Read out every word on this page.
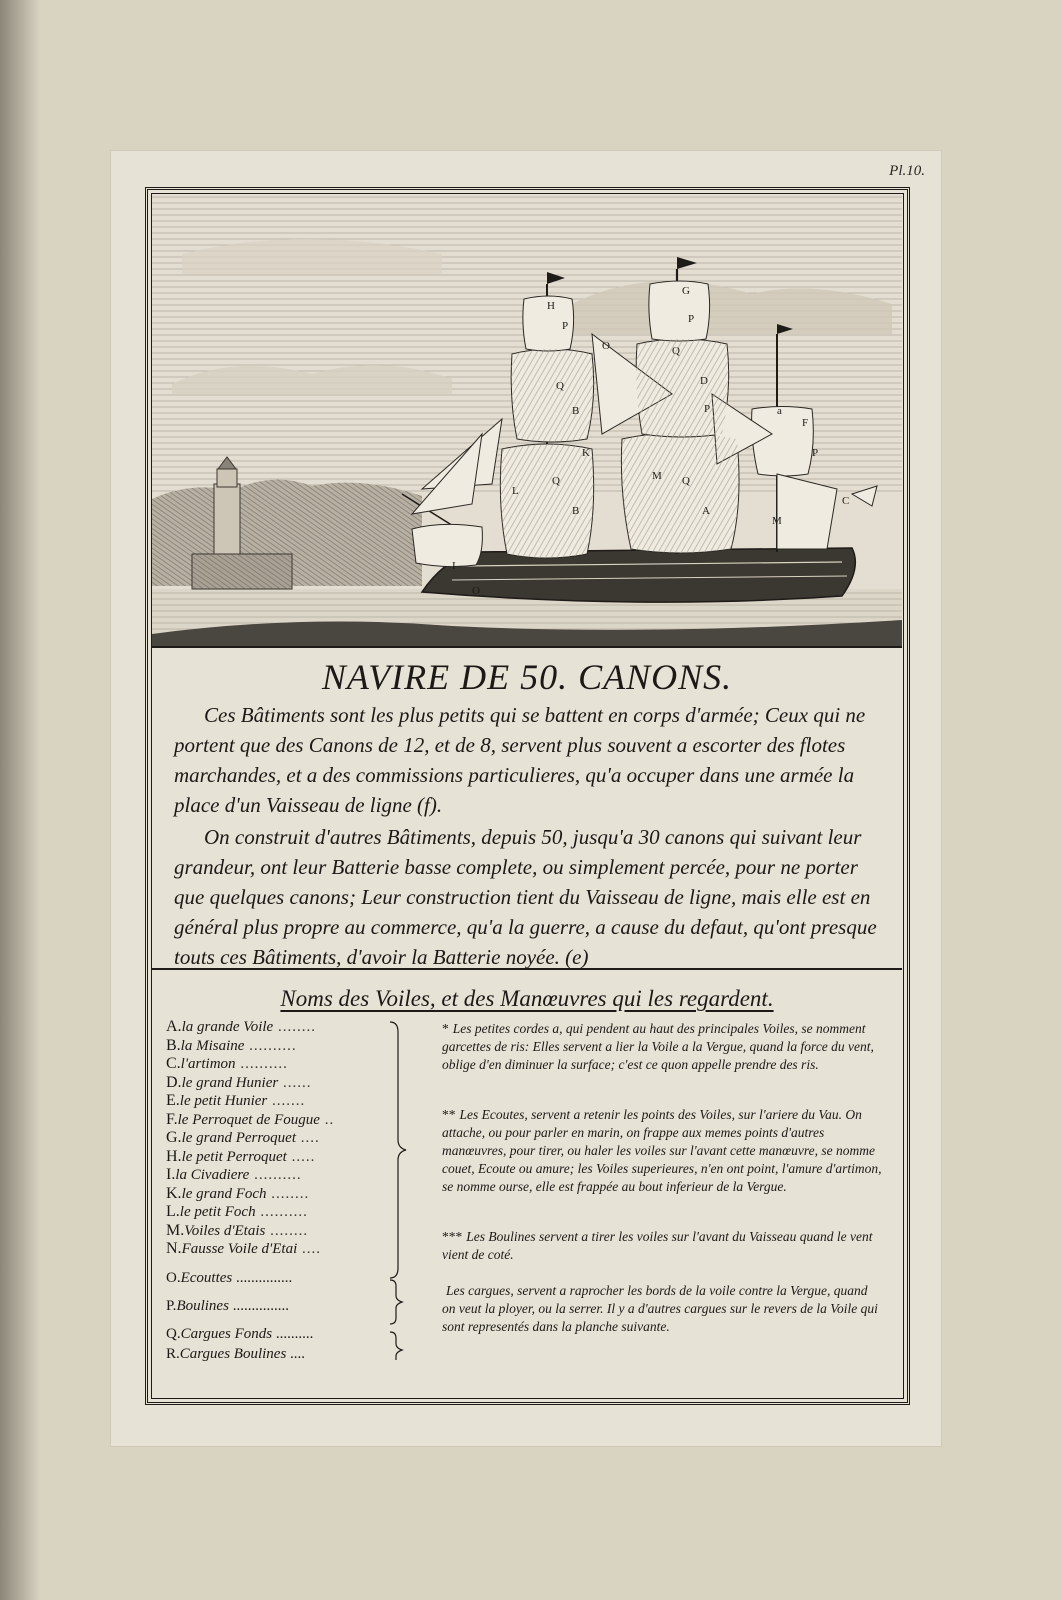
Pl.10.
H
P
O
Q
B
K
G
P
Q
D
P	a
F
P
C
L
Q
B
M Q
A
I
O
M
NAVIRE DE 50. CANONS.

Ces Bâtiments sont les plus petits qui se battent en corps d'armée; Ceux qui ne portent que des Canons de 12, et de 8, servent plus souvent a escorter des flotes marchandes, et a des commissions particulieres, qu'a occuper dans une armée la place d'un Vaisseau de ligne (f).

On construit d'autres Bâtiments, depuis 50, jusqu'a 30 canons qui suivant leur grandeur, ont leur Batterie basse complete, ou simplement percée, pour ne porter que quelques canons; Leur construction tient du Vaisseau de ligne, mais elle est en général plus propre au commerce, qu'a la guerre, a cause du defaut, qu'ont presque touts ces Bâtiments, d'avoir la Batterie noyée. (e)

Noms des Voiles, et des Manœuvres qui les regardent.
A.la grande Voile ........
B.la Misaine ..........
C.l'artimon ..........
D.le grand Hunier ......
E.le petit Hunier .......
F.le Perroquet de Fougue ..
G.le grand Perroquet ....
H.le petit Perroquet .....
I.la Civadiere ..........
K.le grand Foch ........
L.le petit Foch ..........
M.Voiles d'Etais ........
N.Fausse Voile d'Etai ....
O.Ecouttes ...............
P.Boulines ...............
Q.Cargues Fonds ..........
R.Cargues Boulines ....
* Les petites cordes a, qui pendent au haut des principales Voiles, se nomment garcettes de ris: Elles servent a lier la Voile a la Vergue, quand la force du vent, oblige d'en diminuer la surface; c'est ce quon appelle prendre des ris.
** Les Ecoutes, servent a retenir les points des Voiles, sur l'ariere du Vau. On attache, ou pour parler en marin, on frappe aux memes points d'autres manœuvres, pour tirer, ou haler les voiles sur l'avant cette manœuvre, se nomme couet, Ecoute ou amure; les Voiles superieures, n'en ont point, l'amure d'artimon, se nomme ourse, elle est frappée au bout inferieur de la Vergue.
*** Les Boulines servent a tirer les voiles sur l'avant du Vaisseau quand le vent vient de coté.
Les cargues, servent a raprocher les bords de la voile contre la Vergue, quand on veut la ployer, ou la serrer. Il y a d'autres cargues sur le revers de la Voile qui sont representés dans la planche suivante.
